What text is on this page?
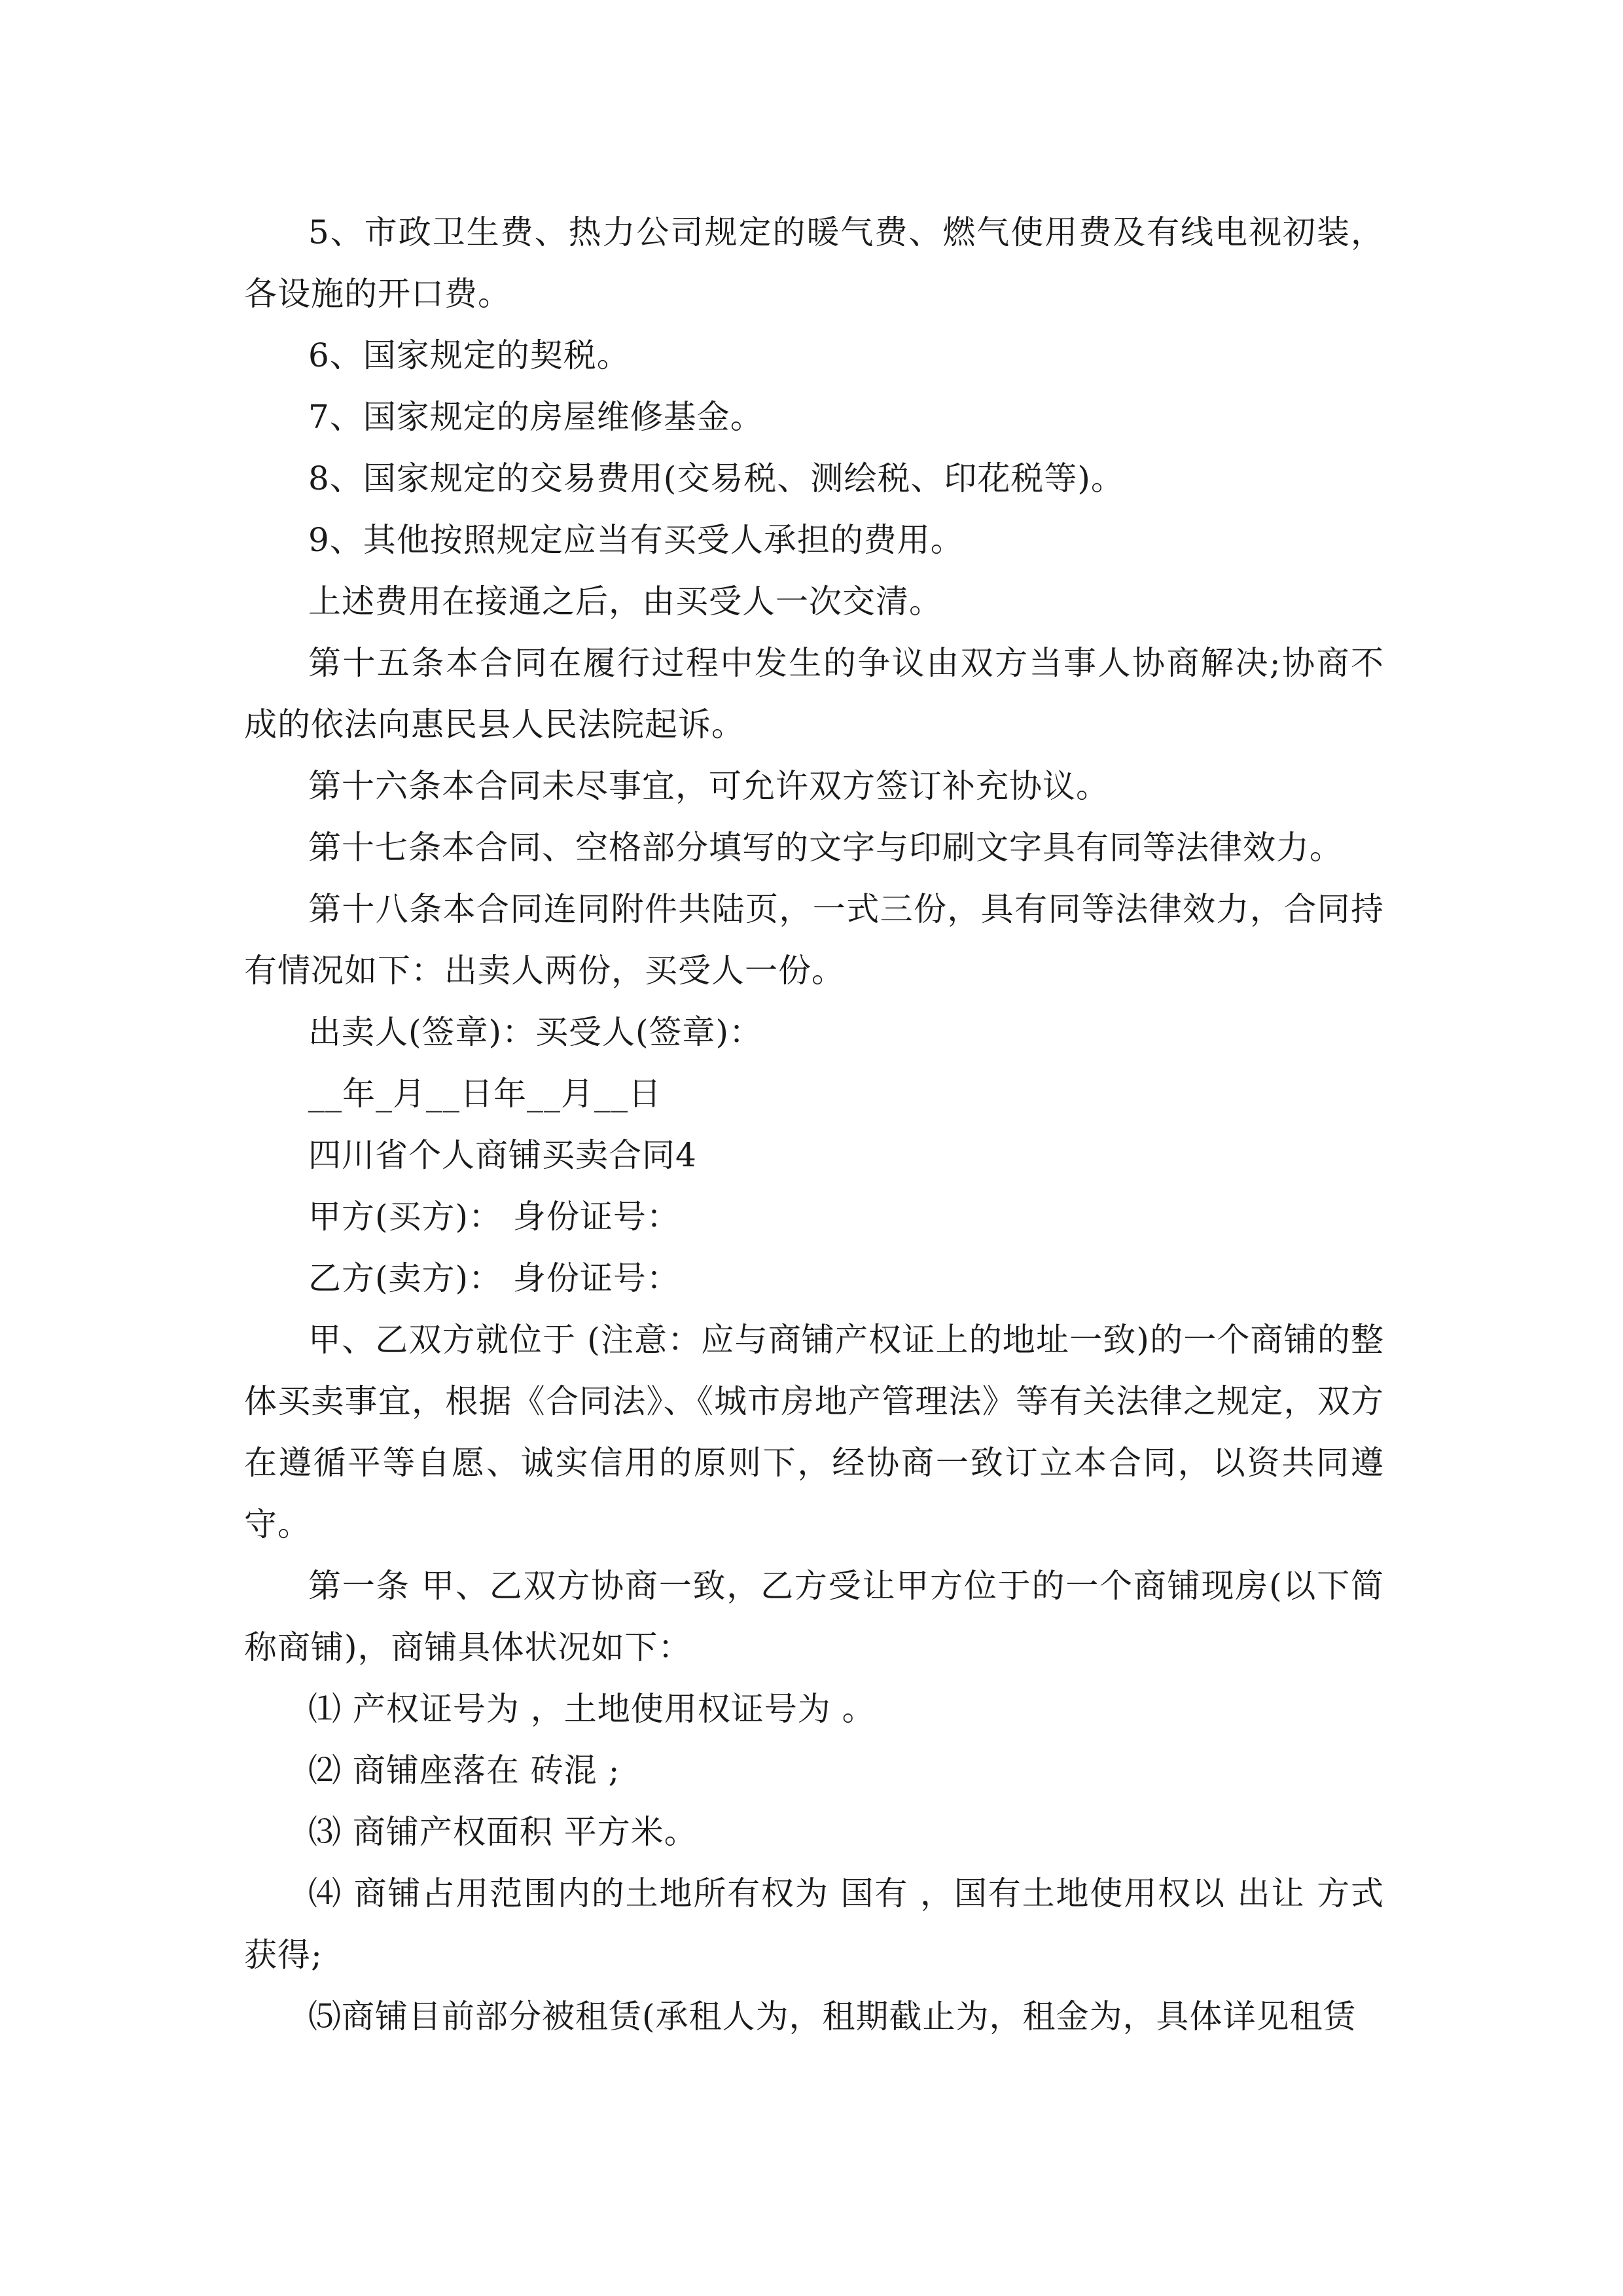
5、市政卫生费、热力公司规定的暖气费、燃气使用费及有线电视初装，各设施的开口费。

6、国家规定的契税。

7、国家规定的房屋维修基金。

8、国家规定的交易费用(交易税、测绘税、印花税等)。

9、其他按照规定应当有买受人承担的费用。

上述费用在接通之后，由买受人一次交清。

第十五条本合同在履行过程中发生的争议由双方当事人协商解决;协商不成的依法向惠民县人民法院起诉。

第十六条本合同未尽事宜，可允许双方签订补充协议。

第十七条本合同、空格部分填写的文字与印刷文字具有同等法律效力。

第十八条本合同连同附件共陆页，一式三份，具有同等法律效力，合同持有情况如下：出卖人两份，买受人一份。

出卖人(签章)：买受人(签章)：

__年_月__日年__月__日

四川省个人商铺买卖合同4

甲方(买方)： 身份证号：

乙方(卖方)： 身份证号：

甲、乙双方就位于 (注意：应与商铺产权证上的地址一致)的一个商铺的整体买卖事宜，根据《合同法》、《城市房地产管理法》等有关法律之规定，双方在遵循平等自愿、诚实信用的原则下，经协商一致订立本合同，以资共同遵守。

第一条 甲、乙双方协商一致，乙方受让甲方位于的一个商铺现房(以下简称商铺)，商铺具体状况如下：

⑴ 产权证号为 ，土地使用权证号为 。

⑵ 商铺座落在 砖混 ;

⑶ 商铺产权面积 平方米。

⑷ 商铺占用范围内的土地所有权为 国有 ，国有土地使用权以 出让 方式获得;

⑸商铺目前部分被租赁(承租人为，租期截止为，租金为，具体详见租赁
